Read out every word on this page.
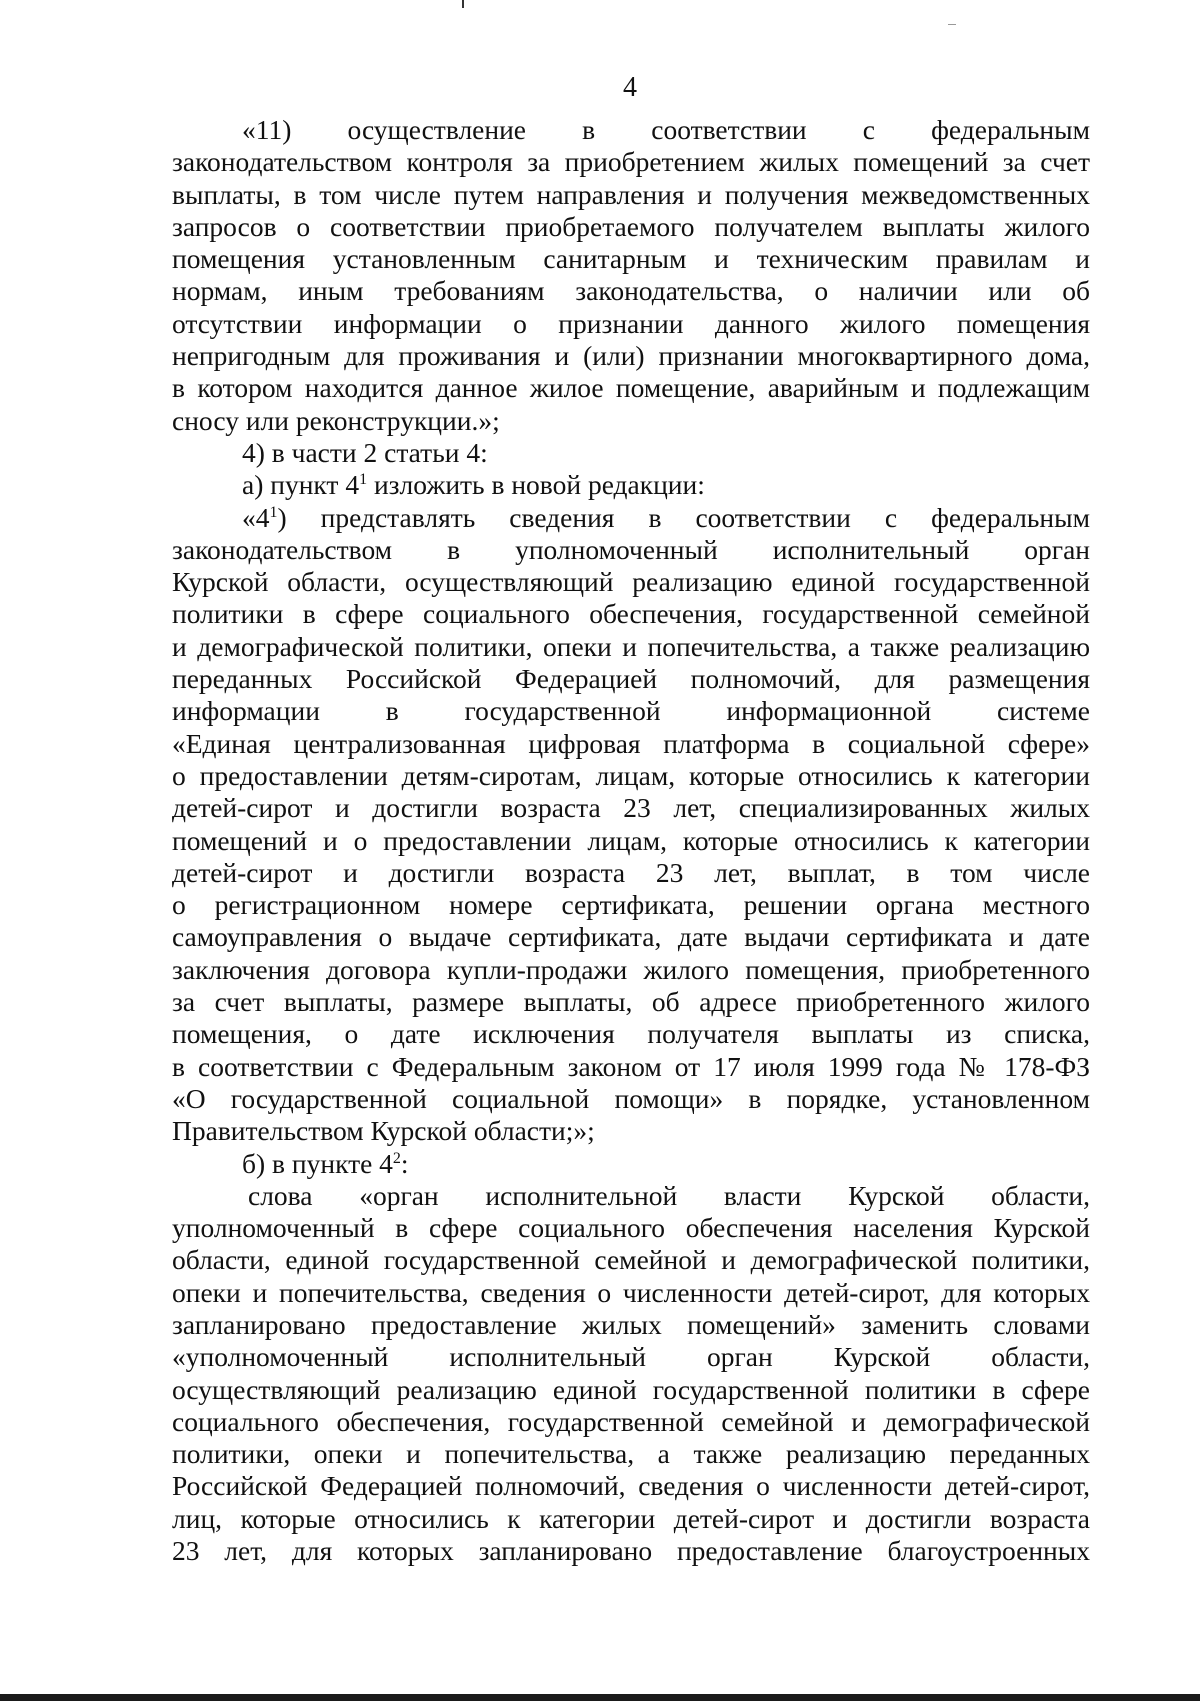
4
«11) осуществление в соответствии с федеральным
законодательством контроля за приобретением жилых помещений за счет
выплаты, в том числе путем направления и получения межведомственных
запросов о соответствии приобретаемого получателем выплаты жилого
помещения установленным санитарным и техническим правилам и
нормам, иным требованиям законодательства, о наличии или об
отсутствии информации о признании данного жилого помещения
непригодным для проживания и (или) признании многоквартирного дома,
в котором находится данное жилое помещение, аварийным и подлежащим
сносу или реконструкции.»;
4) в части 2 статьи 4:
а) пункт $4^1$ изложить в новой редакции:
«$4^1$) представлять сведения в соответствии с федеральным
законодательством в уполномоченный исполнительный орган
Курской области, осуществляющий реализацию единой государственной
политики в сфере социального обеспечения, государственной семейной
и демографической политики, опеки и попечительства, а также реализацию
переданных Российской Федерацией полномочий, для размещения
информации в государственной информационной системе
«Единая централизованная цифровая платформа в социальной сфере»
о предоставлении детям-сиротам, лицам, которые относились к категории
детей-сирот и достигли возраста 23 лет, специализированных жилых
помещений и о предоставлении лицам, которые относились к категории
детей-сирот и достигли возраста 23 лет, выплат, в том числе
о регистрационном номере сертификата, решении органа местного
самоуправления о выдаче сертификата, дате выдачи сертификата и дате
заключения договора купли-продажи жилого помещения, приобретенного
за счет выплаты, размере выплаты, об адресе приобретенного жилого
помещения, о дате исключения получателя выплаты из списка,
в соответствии с Федеральным законом от 17 июля 1999 года № 178-ФЗ
«О государственной социальной помощи» в порядке, установленном
Правительством Курской области;»;
б) в пункте $4^2$:
слова «орган исполнительной власти Курской области,
уполномоченный в сфере социального обеспечения населения Курской
области, единой государственной семейной и демографической политики,
опеки и попечительства, сведения о численности детей-сирот, для которых
запланировано предоставление жилых помещений» заменить словами
«уполномоченный исполнительный орган Курской области,
осуществляющий реализацию единой государственной политики в сфере
социального обеспечения, государственной семейной и демографической
политики, опеки и попечительства, а также реализацию переданных
Российской Федерацией полномочий, сведения о численности детей-сирот,
лиц, которые относились к категории детей-сирот и достигли возраста
23 лет, для которых запланировано предоставление благоустроенных
